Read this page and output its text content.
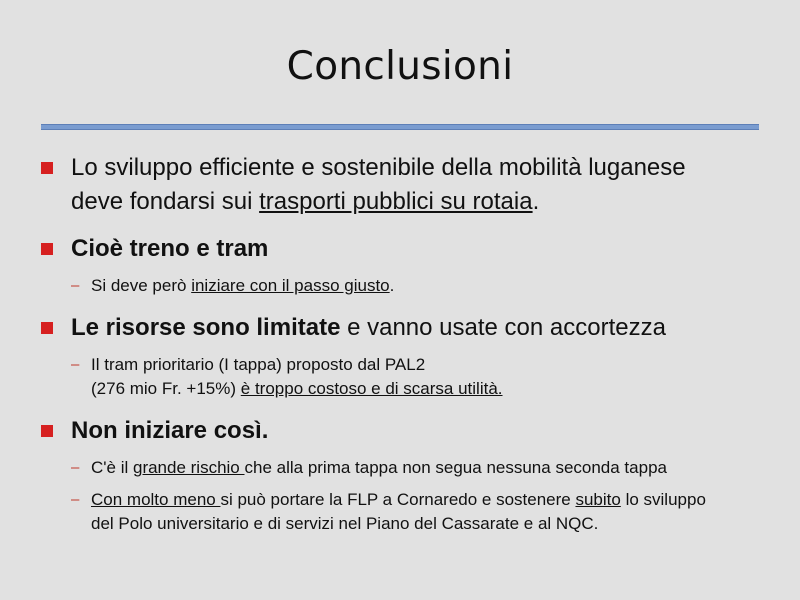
Conclusioni
Lo sviluppo efficiente e sostenibile della mobilità luganese
deve fondarsi sui trasporti pubblici su rotaia.
Cioè treno e tram
– Si deve però iniziare con il passo giusto.
Le risorse sono limitate e vanno usate con accortezza
– Il tram prioritario (I tappa) proposto dal PAL2
(276 mio Fr. +15%) è troppo costoso e di scarsa utilità.
Non iniziare così.
– C'è il grande rischio che alla prima tappa non segua nessuna seconda tappa
– Con molto meno si può portare la FLP a Cornaredo e sostenere subito lo sviluppo
del Polo universitario e di servizi nel Piano del Cassarate e al NQC.
